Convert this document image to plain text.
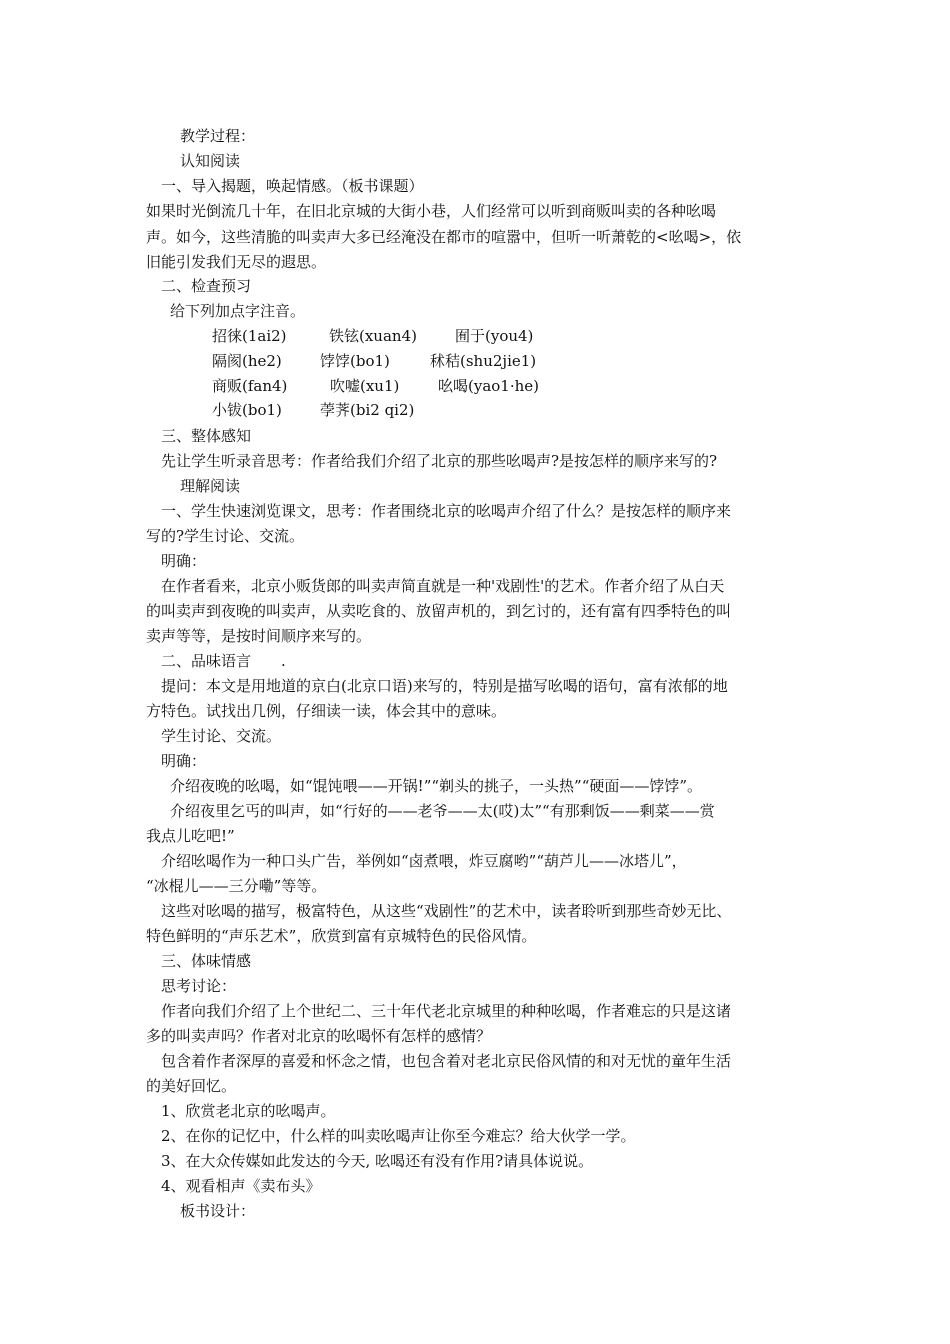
教学过程：
认知阅读
一、导入揭题，唤起情感。（板书课题）
如果时光倒流几十年，在旧北京城的大街小巷，人们经常可以听到商贩叫卖的各种吆喝
声。如今，这些清脆的叫卖声大多已经淹没在都市的喧嚣中，但听一听萧乾的<吆喝>，依
旧能引发我们无尽的遐思。
二、检查预习
给下列加点字注音。
招徕(1ai2)	铁铉(xuan4)	囿于(you4)
隔阂(he2)	饽饽(bo1)	秫秸(shu2jie1)
商贩(fan4)	吹嘘(xu1)	吆喝(yao1·he)
小钹(bo1)	荸荠(bi2 qi2)
三、整体感知
先让学生听录音思考：作者给我们介绍了北京的那些吆喝声?是按怎样的顺序来写的?
理解阅读
一、学生快速浏览课文，思考：作者围绕北京的吆喝声介绍了什么？是按怎样的顺序来
写的?学生讨论、交流。
明确：
在作者看来，北京小贩货郎的叫卖声简直就是一种'戏剧性'的艺术。作者介绍了从白天
的叫卖声到夜晚的叫卖声，从卖吃食的、放留声机的，到乞讨的，还有富有四季特色的叫
卖声等等，是按时间顺序来写的。
二、品味语言　　.
提问：本文是用地道的京白(北京口语)来写的，特别是描写吆喝的语句，富有浓郁的地
方特色。试找出几例，仔细读一读，体会其中的意味。
学生讨论、交流。
明确：
介绍夜晚的吆喝，如“馄饨喂——开锅!”“剃头的挑子，一头热”“硬面——饽饽”。
介绍夜里乞丐的叫声，如“行好的——老爷——太(哎)太”“有那剩饭——剩菜——赏
我点儿吃吧!”
介绍吆喝作为一种口头广告，举例如“卤煮喂，炸豆腐哟”“葫芦儿——冰塔儿”，
“冰棍儿——三分嘞”等等。
这些对吆喝的描写，极富特色，从这些“戏剧性”的艺术中，读者聆听到那些奇妙无比、
特色鲜明的“声乐艺术”，欣赏到富有京城特色的民俗风情。
三、体味情感
思考讨论：
作者向我们介绍了上个世纪二、三十年代老北京城里的种种吆喝，作者难忘的只是这诸
多的叫卖声吗？作者对北京的吆喝怀有怎样的感情？
包含着作者深厚的喜爱和怀念之情，也包含着对老北京民俗风情的和对无忧的童年生活
的美好回忆。
1、欣赏老北京的吆喝声。
2、在你的记忆中，什么样的叫卖吆喝声让你至今难忘？给大伙学一学。
3、在大众传媒如此发达的今天, 吆喝还有没有作用?请具体说说。
4、观看相声《卖布头》
板书设计：
